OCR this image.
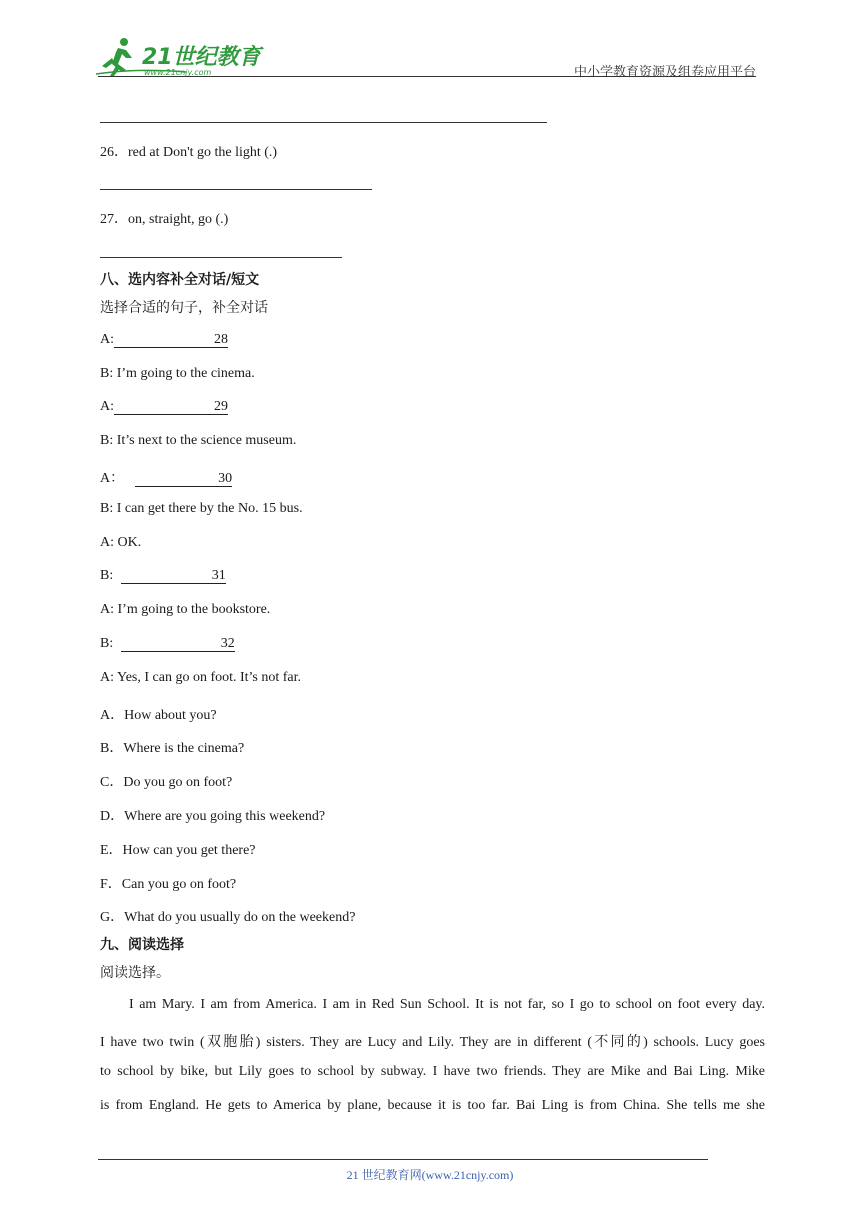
21世纪教育
www.21cnjy.com	中小学教育资源及组卷应用平台
26．red at Don't go the light (.)
27．on, straight, go (.)
八、选内容补全对话/短文
选择合适的句子，补全对话
A:	28
B: I’m going to the cinema.
A:	29
B: It’s next to the science museum.
A：	30
B: I can get there by the No. 15 bus.
A: OK.
B:	31
A: I’m going to the bookstore.
B:	32
A: Yes, I can go on foot. It’s not far.
A．How about you?
B．Where is the cinema?
C．Do you go on foot?
D．Where are you going this weekend?
E．How can you get there?
F．Can you go on foot?
G．What do you usually do on the weekend?
九、阅读选择
阅读选择。
I am Mary. I am from America. I am in Red Sun School. It is not far, so I go to school on foot every day.
I have two twin (双胞胎) sisters. They are Lucy and Lily. They are in different (不同的) schools. Lucy goes
to school by bike, but Lily goes to school by subway. I have two friends. They are Mike and Bai Ling. Mike
is from England. He gets to America by plane, because it is too far. Bai Ling is from China. She tells me she
21 世纪教育网(www.21cnjy.com)
